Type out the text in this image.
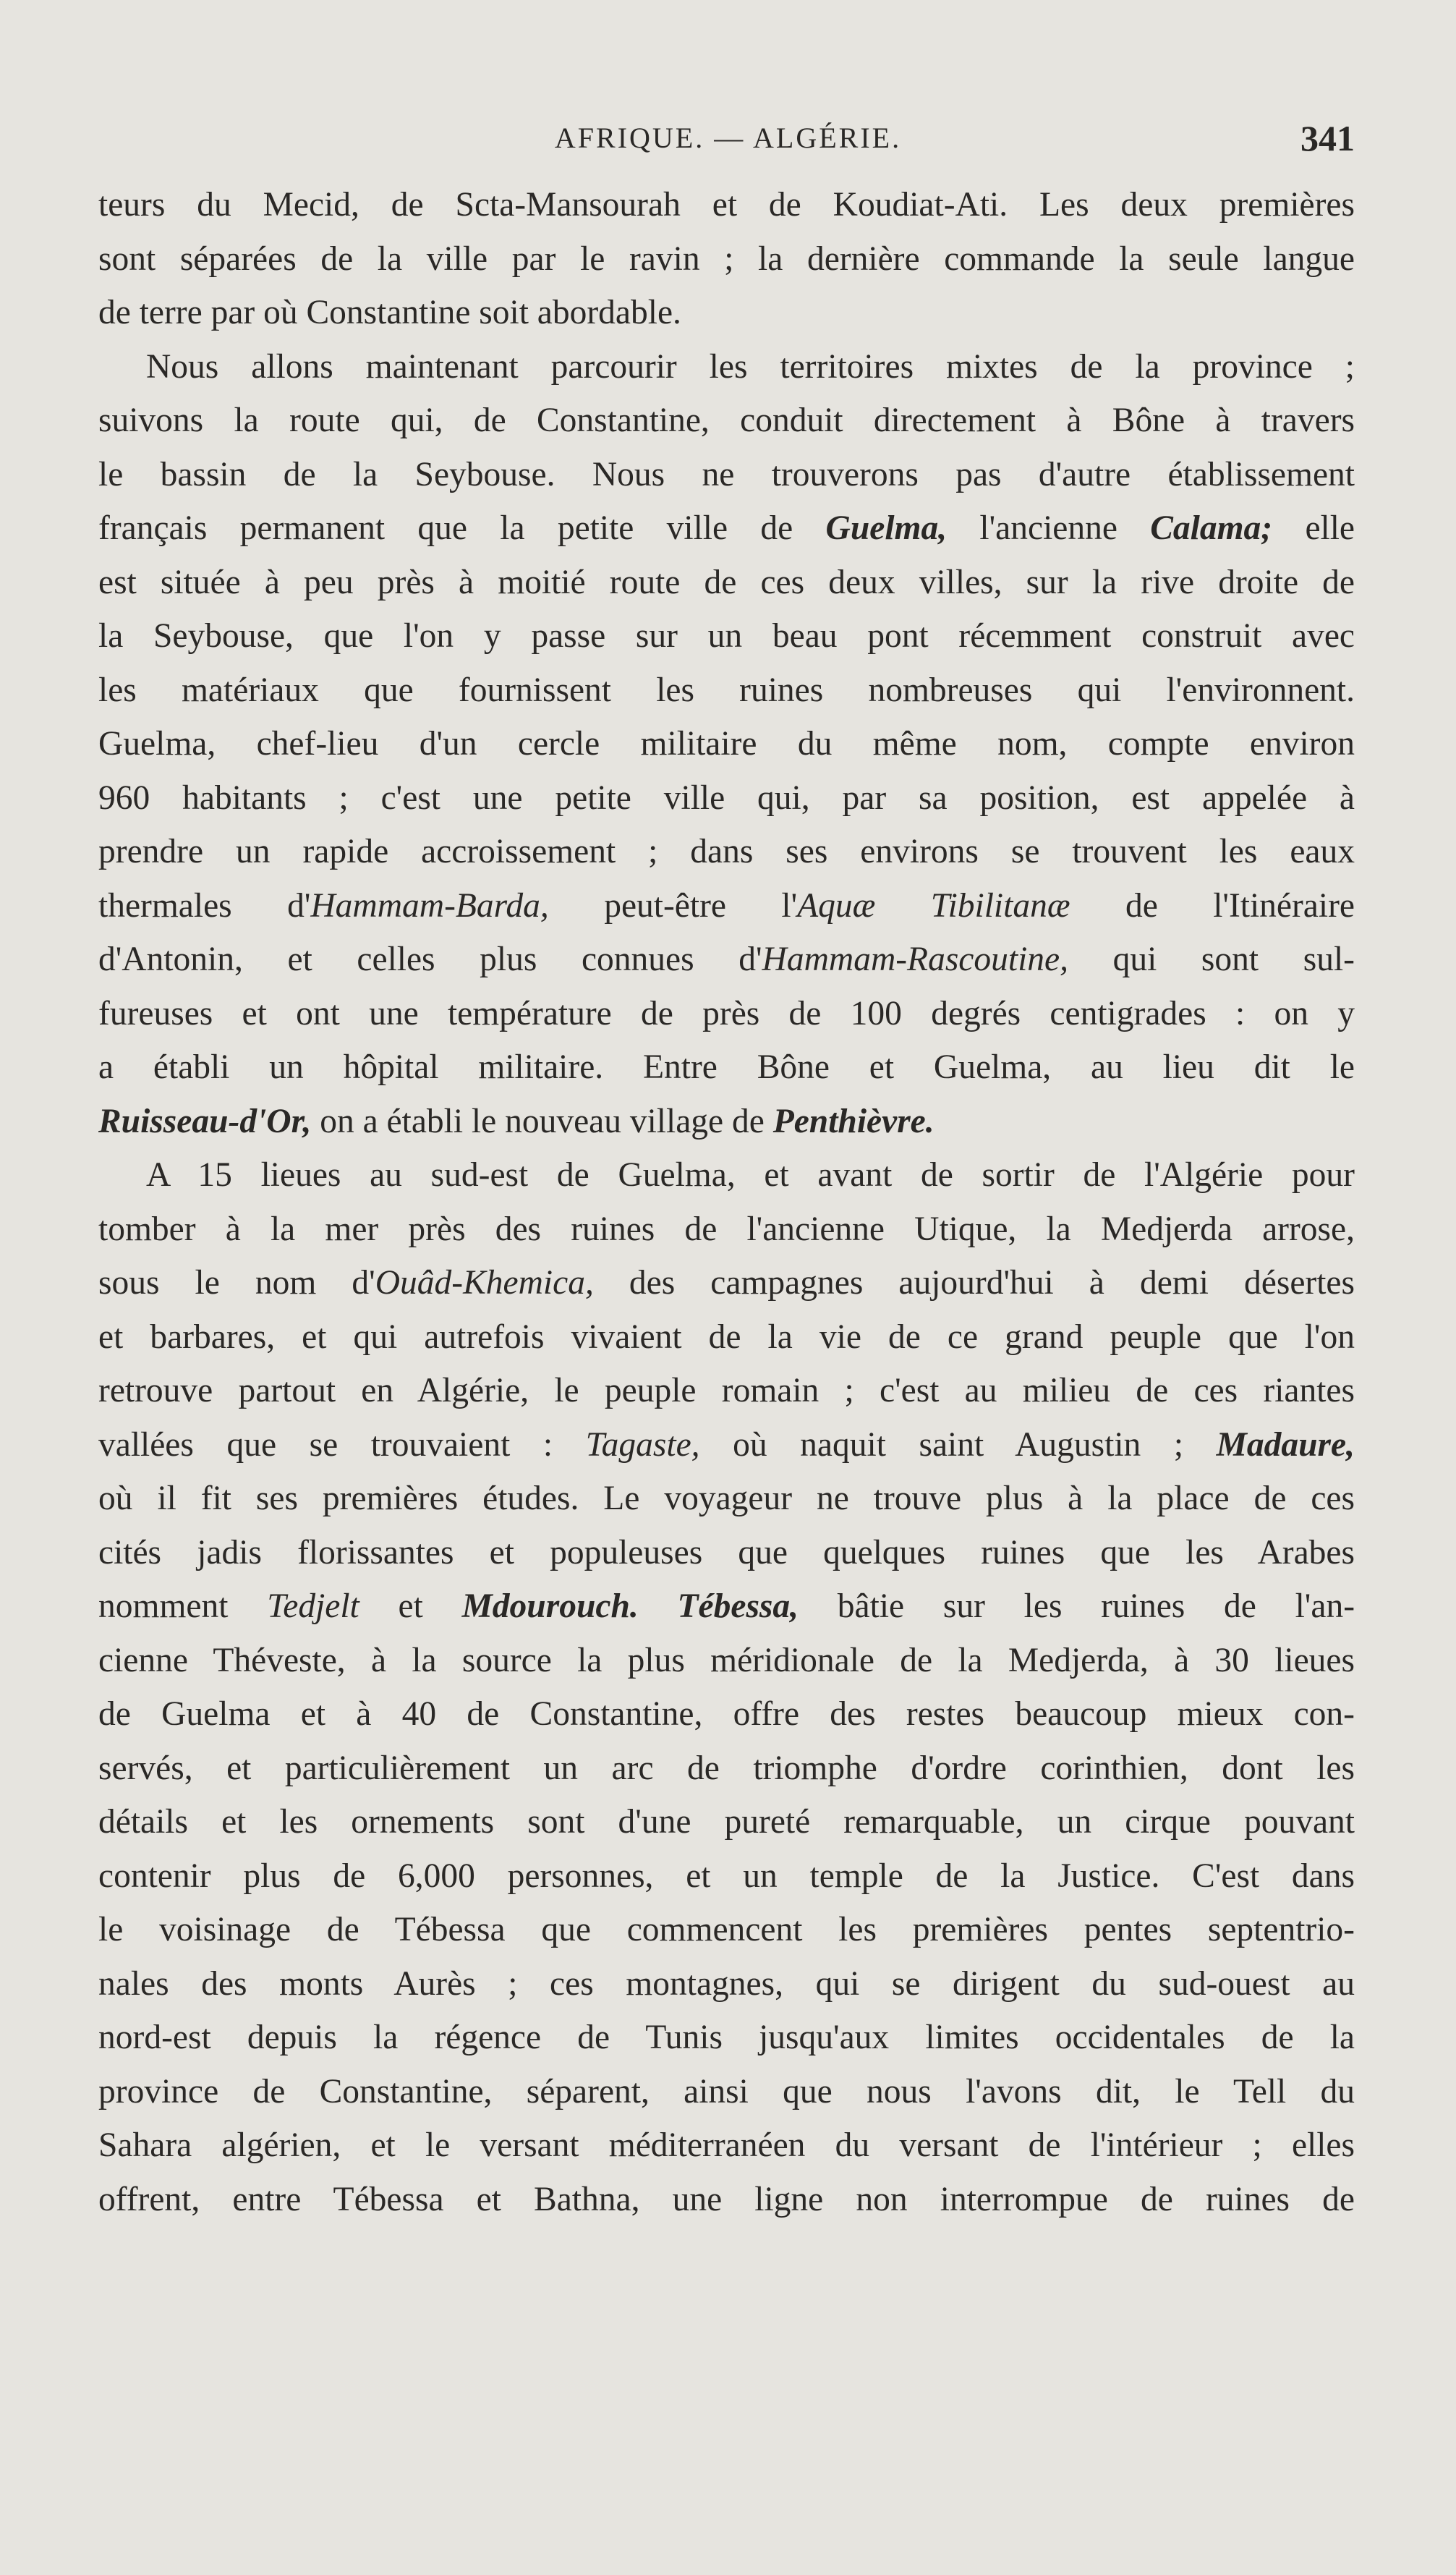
AFRIQUE. — ALGÉRIE.	341

teurs du Mecid, de Scta-Mansourah et de Koudiat-Ati. Les deux premières

sont séparées de la ville par le ravin ; la dernière commande la seule langue

de terre par où Constantine soit abordable.

Nous allons maintenant parcourir les territoires mixtes de la province ;

suivons la route qui, de Constantine, conduit directement à Bône à travers

le bassin de la Seybouse. Nous ne trouverons pas d'autre établissement

français permanent que la petite ville de Guelma, l'ancienne Calama; elle

est située à peu près à moitié route de ces deux villes, sur la rive droite de

la Seybouse, que l'on y passe sur un beau pont récemment construit avec

les matériaux que fournissent les ruines nombreuses qui l'environnent.

Guelma, chef-lieu d'un cercle militaire du même nom, compte environ

960 habitants ; c'est une petite ville qui, par sa position, est appelée à

prendre un rapide accroissement ; dans ses environs se trouvent les eaux

thermales d'Hammam-Barda, peut-être l'Aquæ Tibilitanæ de l'Itinéraire

d'Antonin, et celles plus connues d'Hammam-Rascoutine, qui sont sul-

fureuses et ont une température de près de 100 degrés centigrades : on y

a établi un hôpital militaire. Entre Bône et Guelma, au lieu dit le

Ruisseau-d'Or, on a établi le nouveau village de Penthièvre.

A 15 lieues au sud-est de Guelma, et avant de sortir de l'Algérie pour

tomber à la mer près des ruines de l'ancienne Utique, la Medjerda arrose,

sous le nom d'Ouâd-Khemica, des campagnes aujourd'hui à demi désertes

et barbares, et qui autrefois vivaient de la vie de ce grand peuple que l'on

retrouve partout en Algérie, le peuple romain ; c'est au milieu de ces riantes

vallées que se trouvaient : Tagaste, où naquit saint Augustin ; Madaure,

où il fit ses premières études. Le voyageur ne trouve plus à la place de ces

cités jadis florissantes et populeuses que quelques ruines que les Arabes

nomment Tedjelt et Mdourouch. Tébessa, bâtie sur les ruines de l'an-

cienne Théveste, à la source la plus méridionale de la Medjerda, à 30 lieues

de Guelma et à 40 de Constantine, offre des restes beaucoup mieux con-

servés, et particulièrement un arc de triomphe d'ordre corinthien, dont les

détails et les ornements sont d'une pureté remarquable, un cirque pouvant

contenir plus de 6,000 personnes, et un temple de la Justice. C'est dans

le voisinage de Tébessa que commencent les premières pentes septentrio-

nales des monts Aurès ; ces montagnes, qui se dirigent du sud-ouest au

nord-est depuis la régence de Tunis jusqu'aux limites occidentales de la

province de Constantine, séparent, ainsi que nous l'avons dit, le Tell du

Sahara algérien, et le versant méditerranéen du versant de l'intérieur ; elles

offrent, entre Tébessa et Bathna, une ligne non interrompue de ruines de
